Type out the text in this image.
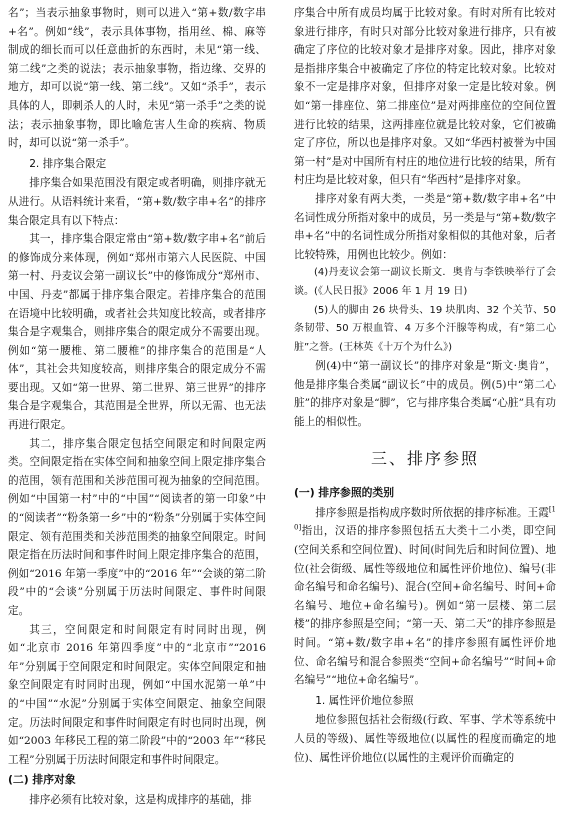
名”；当表示抽象事物时，则可以进入“第+数/数字串+名”。例如“线”，表示具体事物，指用丝、棉、麻等制成的细长而可以任意曲折的东西时，未见“第一线、第二线”之类的说法；表示抽象事物，指边缘、交界的地方，却可以说“第一线、第二线”。又如“杀手”，表示具体的人，即刺杀人的人时，未见“第一杀手”之类的说法；表示抽象事物，即比喻危害人生命的疾病、物质时，却可以说“第一杀手”。

2. 排序集合限定

排序集合如果范围没有限定或者明确，则排序就无从进行。从语料统计来看，“第+数/数字串+名”的排序集合限定具有以下特点：

其一，排序集合限定常由“第+数/数字串+名”前后的修饰成分来体现，例如“郑州市第六人民医院、中国第一村、丹麦议会第一副议长”中的修饰成分“郑州市、中国、丹麦”都属于排序集合限定。若排序集合的范围在语境中比较明确，或者社会共知度比较高，或者排序集合是字观集合，则排序集合的限定成分不需要出现。例如“第一腰椎、第二腰椎”的排序集合的范围是“人体”，其社会共知度较高，则排序集合的限定成分不需要出现。又如“第一世界、第二世界、第三世界”的排序集合是字观集合，其范围是全世界，所以无需、也无法再进行限定。

其二，排序集合限定包括空间限定和时间限定两类。空间限定指在实体空间和抽象空间上限定排序集合的范围，领有范围和关涉范围可视为抽象的空间范围。例如“中国第一村”中的“中国”“阅读者的第一印象”中的“阅读者”“粉条第一乡”中的“粉条”分别属于实体空间限定、领有范围类和关涉范围类的抽象空间限定。时间限定指在历法时间和事件时间上限定排序集合的范围，例如“2016 年第一季度”中的“2016 年”“会谈的第二阶段”中的“会谈”分别属于历法时间限定、事件时间限定。

其三，空间限定和时间限定有时同时出现，例如“北京市 2016 年第四季度”中的“北京市”“2016 年”分别属于空间限定和时间限定。实体空间限定和抽象空间限定有时同时出现，例如“中国水泥第一单”中的“中国”“水泥”分别属于实体空间限定、抽象空间限定。历法时间限定和事件时间限定有时也同时出现，例如“2003 年移民工程的第二阶段”中的“2003 年”“移民工程”分别属于历法时间限定和事件时间限定。

(二) 排序对象

排序必须有比较对象，这是构成排序的基础，排

序集合中所有成员均属于比较对象。有时对所有比较对象进行排序，有时只对部分比较对象进行排序，只有被确定了序位的比较对象才是排序对象。因此，排序对象是指排序集合中被确定了序位的特定比较对象。比较对象不一定是排序对象，但排序对象一定是比较对象。例如“第一排座位、第二排座位”是对两排座位的空间位置进行比较的结果，这两排座位就是比较对象，它们被确定了序位，所以也是排序对象。又如“华西村被誉为中国第一村”是对中国所有村庄的地位进行比较的结果，所有村庄均是比较对象，但只有“华西村”是排序对象。

排序对象有两大类，一类是“第+数/数字串+名”中名词性成分所指对象中的成员，另一类是与“第+数/数字串+名”中的名词性成分所指对象相似的其他对象，后者比较特殊，用例也比较少。例如：

(4)丹麦议会第一副议长斯文．奥肯与李铁映举行了会谈。(《人民日报》2006 年 1 月 19 日)

(5)人的脚由 26 块骨头、19 块肌肉、32 个关节、50 条韧带、50 万根血管、4 万多个汗腺等构成，有“第二心脏”之誉。(王林英《十万个为什么》)

例(4)中“第一副议长”的排序对象是“斯文·奥肯”，他是排序集合类属“副议长”中的成员。例(5)中“第二心脏”的排序对象是“脚”，它与排序集合类属“心脏”具有功能上的相似性。

三、排序参照
(一) 排序参照的类别

排序参照是指构成序数时所依据的排序标准。王霞[10]指出，汉语的排序参照包括五大类十二小类，即空间(空间关系和空间位置)、时间(时间先后和时间位置)、地位(社会街级、属性等级地位和属性评价地位)、编号(非命名编号和命名编号)、混合(空间+命名编号、时间+命名编号、地位+命名编号)。例如“第一层楼、第二层楼”的排序参照是空间；“第一天、第二天”的排序参照是时间。“第+数/数字串+名”的排序参照有属性评价地位、命名编号和混合参照类“空间+命名编号”“时间+命名编号”“地位+命名编号”。

1. 属性评价地位参照

地位参照包括社会衔级(行政、军事、学术等系统中人员的等级)、属性等级地位(以属性的程度而确定的地位)、属性评价地位(以属性的主观评价而确定的
